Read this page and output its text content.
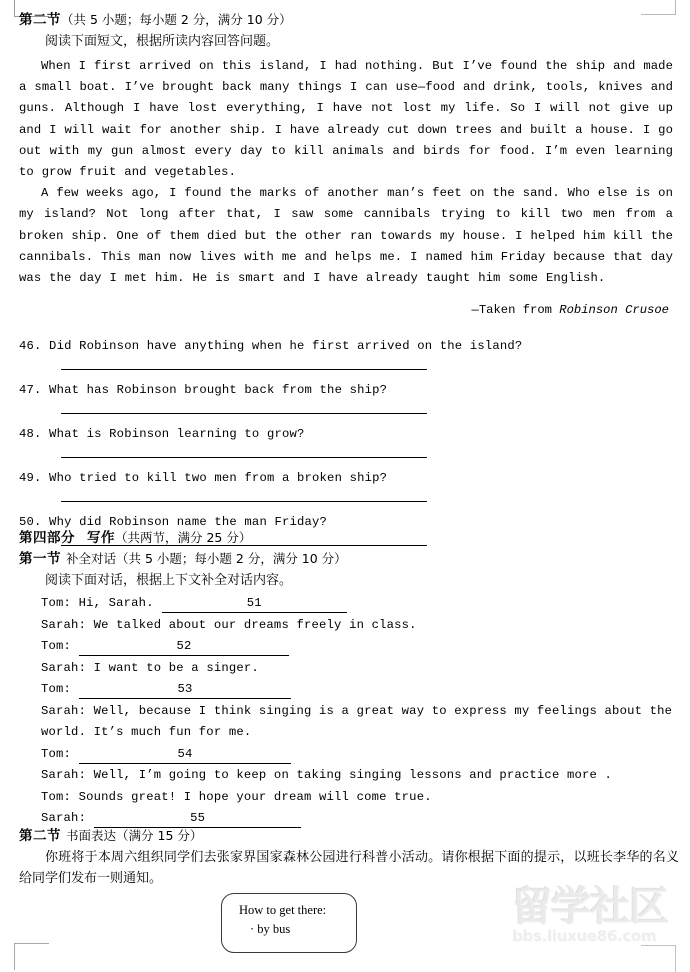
第二节（共 5 小题；每小题 2 分，满分 10 分）

阅读下面短文，根据所读内容回答问题。

When I first arrived on this island, I had nothing. But I’ve found the ship and made a small boat. I’ve brought back many things I can use—food and drink, tools, knives and guns. Although I have lost everything, I have not lost my life. So I will not give up and I will wait for another ship. I have already cut down trees and built a house. I go out with my gun almost every day to kill animals and birds for food. I’m even learning to grow fruit and vegetables.

A few weeks ago, I found the marks of another man’s feet on the sand. Who else is on my island? Not long after that, I saw some cannibals trying to kill two men from a broken ship. One of them died but the other ran towards my house. I helped him kill the cannibals. This man now lives with me and helps me. I named him Friday because that day was the day I met him. He is smart and I have already taught him some English.

—Taken from Robinson Crusoe

46. Did Robinson have anything when he first arrived on the island?

47. What has Robinson brought back from the ship?

48. What is Robinson learning to grow?

49. Who tried to kill two men from a broken ship?

50. Why did Robinson name the man Friday?

第四部分 写作（共两节，满分 25 分）

第一节 补全对话（共 5 小题；每小题 2 分，满分 10 分）

阅读下面对话，根据上下文补全对话内容。

Tom: Hi, Sarah.	51

Sarah: We talked about our dreams freely in class.

Tom:	52

Sarah: I want to be a singer.

Tom:	53

Sarah: Well, because I think singing is a great way to express my feelings about the world. It’s much fun for me.

Tom:	54

Sarah: Well, I’m going to keep on taking singing lessons and practice more .

Tom: Sounds great! I hope your dream will come true.

Sarah:	55

第二节 书面表达（满分 15 分）

你班将于本周六组织同学们去张家界国家森林公园进行科普小活动。请你根据下面的提示，以班长李华的名义给同学们发布一则通知。

How to get there:
· by bus	留学社区
bbs.liuxue86.com
